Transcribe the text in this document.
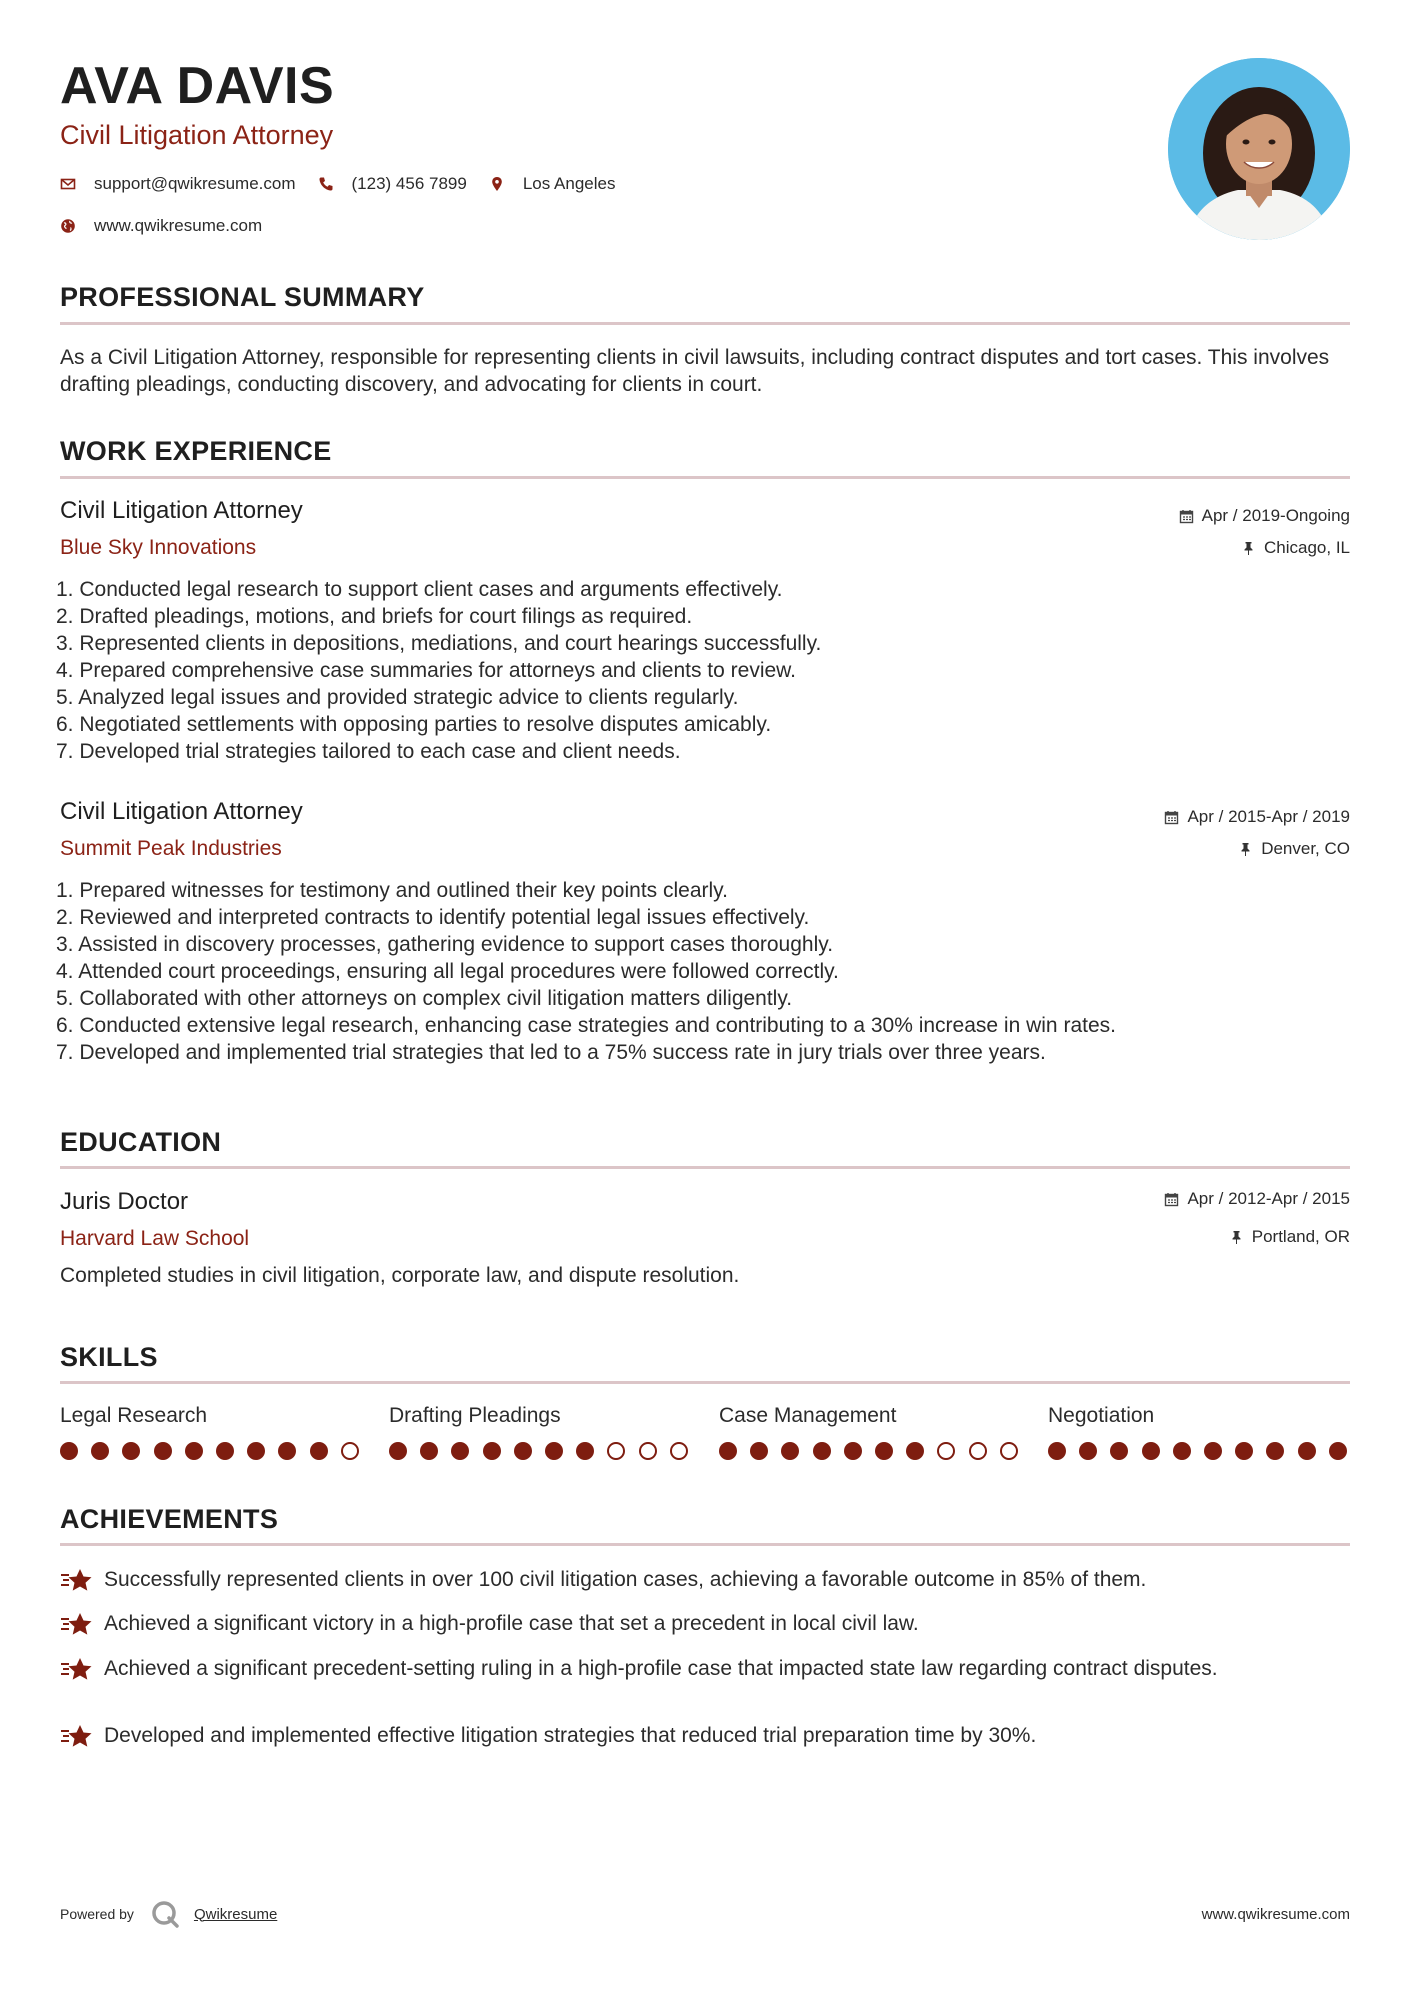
AVA DAVIS
Civil Litigation Attorney
support@qwikresume.com	(123) 456 7899	Los Angeles
www.qwikresume.com
PROFESSIONAL SUMMARY
As a Civil Litigation Attorney, responsible for representing clients in civil lawsuits, including contract disputes and tort cases. This involves drafting pleadings, conducting discovery, and advocating for clients in court.
WORK EXPERIENCE
Civil Litigation Attorney
Blue Sky Innovations
Apr / 2019-Ongoing
Chicago, IL
1. Conducted legal research to support client cases and arguments effectively.
2. Drafted pleadings, motions, and briefs for court filings as required.
3. Represented clients in depositions, mediations, and court hearings successfully.
4. Prepared comprehensive case summaries for attorneys and clients to review.
5. Analyzed legal issues and provided strategic advice to clients regularly.
6. Negotiated settlements with opposing parties to resolve disputes amicably.
7. Developed trial strategies tailored to each case and client needs.
Civil Litigation Attorney
Summit Peak Industries
Apr / 2015-Apr / 2019
Denver, CO
1. Prepared witnesses for testimony and outlined their key points clearly.
2. Reviewed and interpreted contracts to identify potential legal issues effectively.
3. Assisted in discovery processes, gathering evidence to support cases thoroughly.
4. Attended court proceedings, ensuring all legal procedures were followed correctly.
5. Collaborated with other attorneys on complex civil litigation matters diligently.
6. Conducted extensive legal research, enhancing case strategies and contributing to a 30% increase in win rates.
7. Developed and implemented trial strategies that led to a 75% success rate in jury trials over three years.
EDUCATION
Juris Doctor
Harvard Law School
Apr / 2012-Apr / 2015
Portland, OR
Completed studies in civil litigation, corporate law, and dispute resolution.
SKILLS
Legal Research	Drafting Pleadings	Case Management	Negotiation
ACHIEVEMENTS
Successfully represented clients in over 100 civil litigation cases, achieving a favorable outcome in 85% of them.
Achieved a significant victory in a high-profile case that set a precedent in local civil law.
Achieved a significant precedent-setting ruling in a high-profile case that impacted state law regarding contract disputes.
Developed and implemented effective litigation strategies that reduced trial preparation time by 30%.
Powered by	Qwikresume	www.qwikresume.com
